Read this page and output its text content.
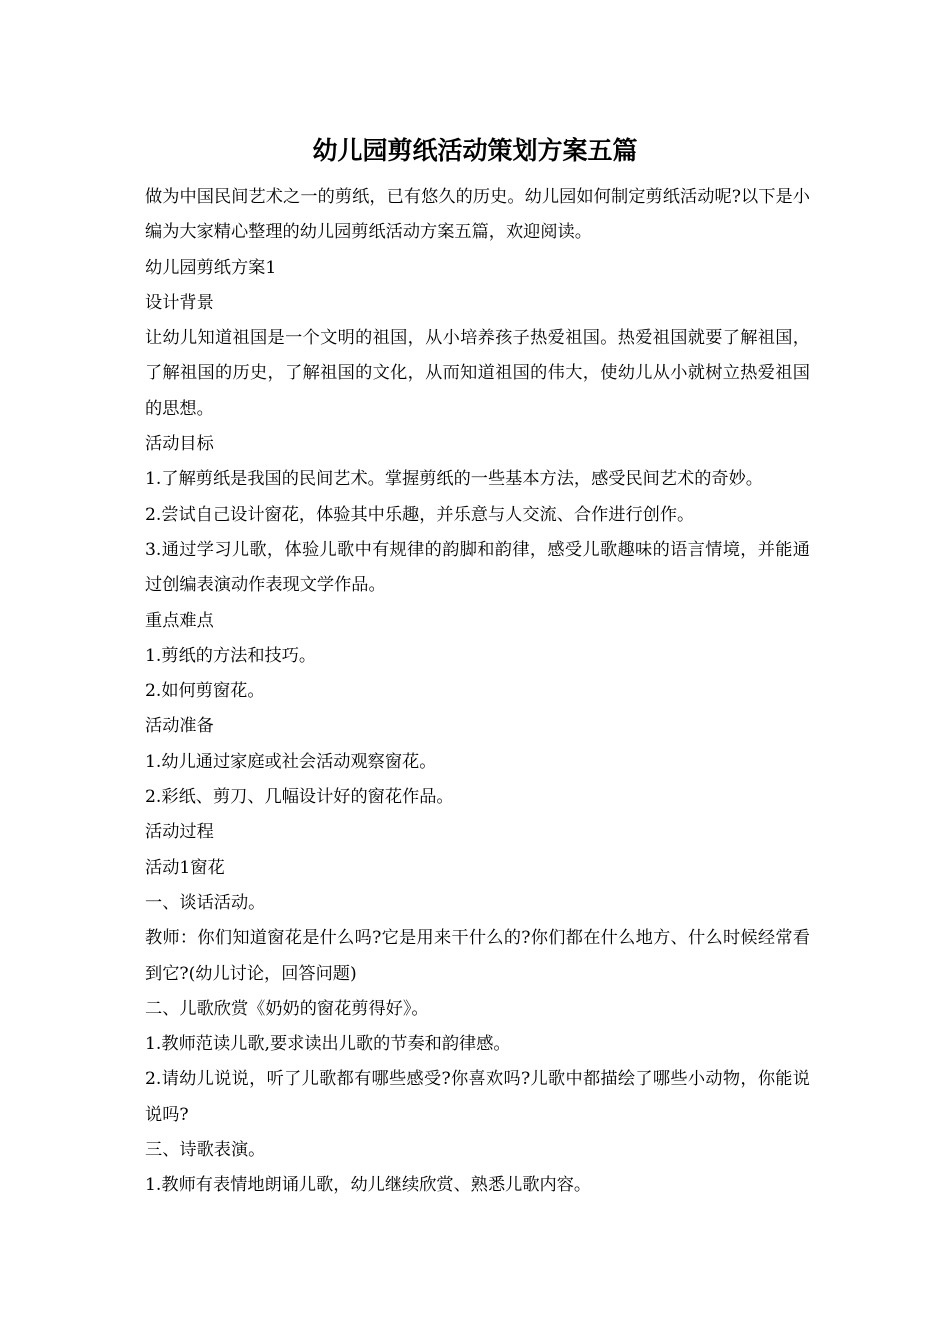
幼儿园剪纸活动策划方案五篇

做为中国民间艺术之一的剪纸，已有悠久的历史。幼儿园如何制定剪纸活动呢?以下是小编为大家精心整理的幼儿园剪纸活动方案五篇，欢迎阅读。

幼儿园剪纸方案1

设计背景

让幼儿知道祖国是一个文明的祖国，从小培养孩子热爱祖国。热爱祖国就要了解祖国，了解祖国的历史，了解祖国的文化，从而知道祖国的伟大，使幼儿从小就树立热爱祖国的思想。

活动目标

1.了解剪纸是我国的民间艺术。掌握剪纸的一些基本方法，感受民间艺术的奇妙。

2.尝试自己设计窗花，体验其中乐趣，并乐意与人交流、合作进行创作。

3.通过学习儿歌，体验儿歌中有规律的韵脚和韵律，感受儿歌趣味的语言情境，并能通过创编表演动作表现文学作品。

重点难点

1.剪纸的方法和技巧。

2.如何剪窗花。

活动准备

1.幼儿通过家庭或社会活动观察窗花。

2.彩纸、剪刀、几幅设计好的窗花作品。

活动过程

活动1窗花

一、谈话活动。

教师：你们知道窗花是什么吗?它是用来干什么的?你们都在什么地方、什么时候经常看到它?(幼儿讨论，回答问题)

二、儿歌欣赏《奶奶的窗花剪得好》。

1.教师范读儿歌,要求读出儿歌的节奏和韵律感。

2.请幼儿说说，听了儿歌都有哪些感受?你喜欢吗?儿歌中都描绘了哪些小动物，你能说说吗?

三、诗歌表演。

1.教师有表情地朗诵儿歌，幼儿继续欣赏、熟悉儿歌内容。
